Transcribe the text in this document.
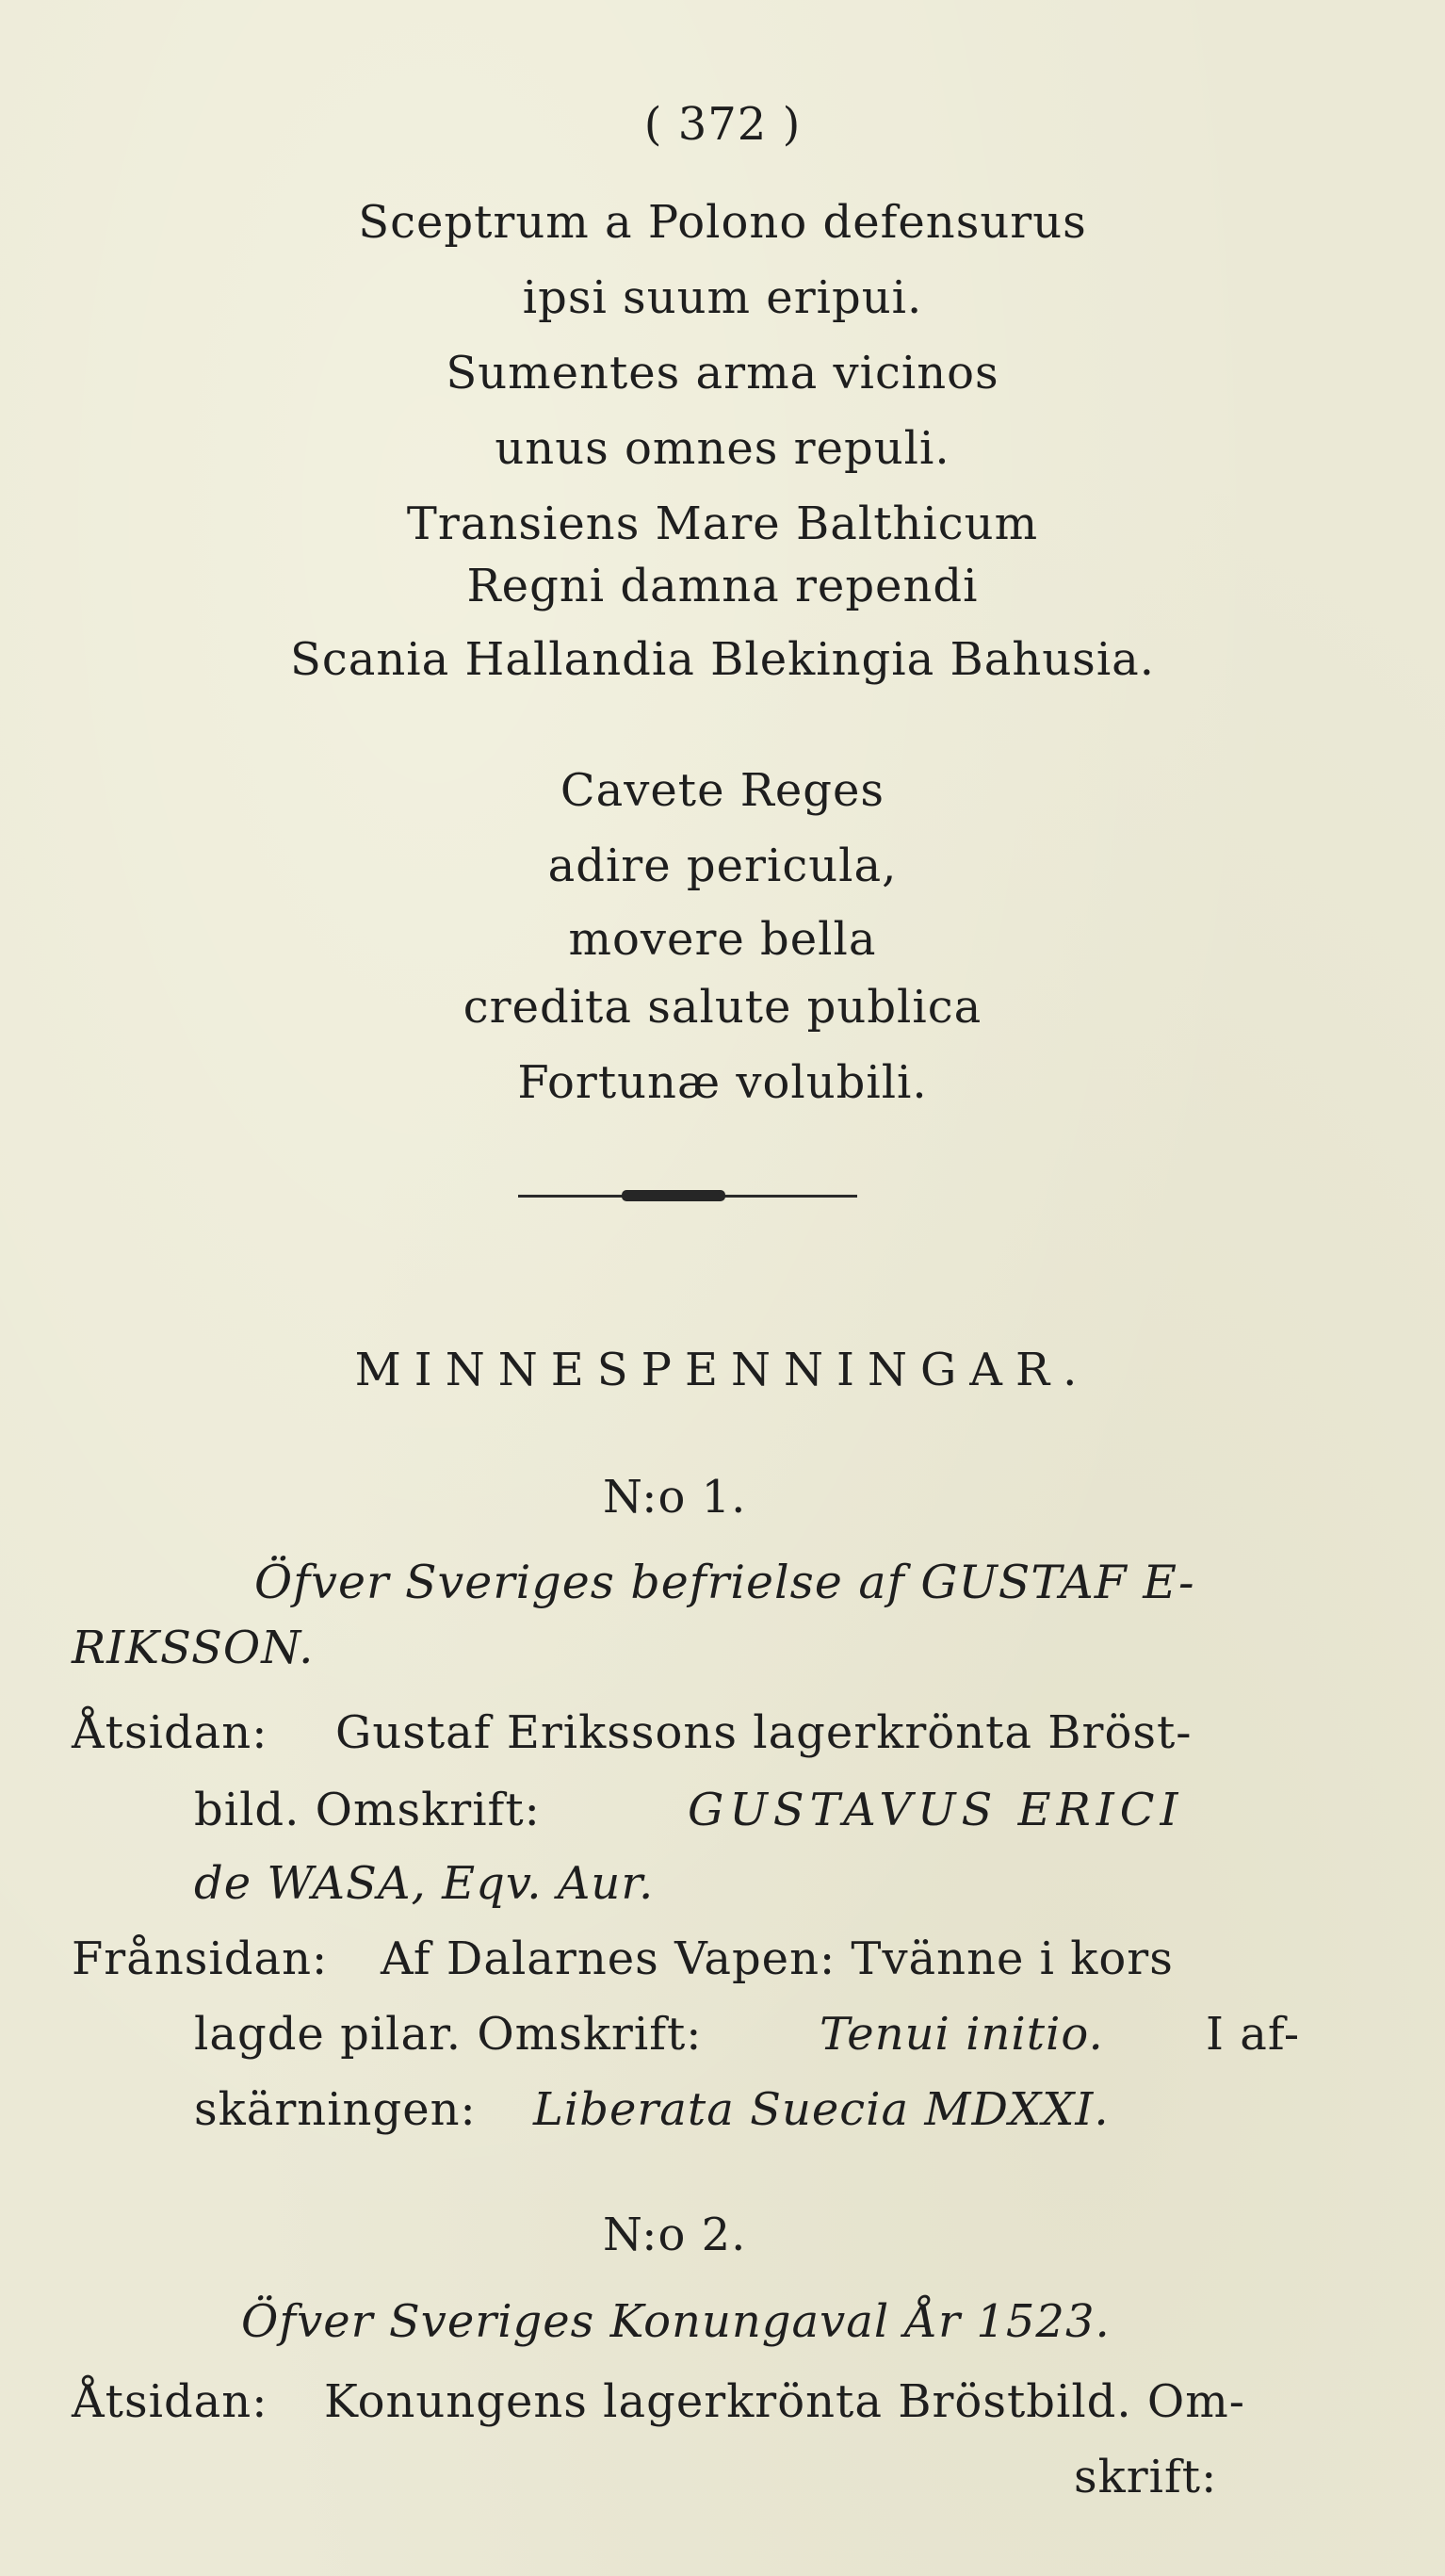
( 372 )
Sceptrum a Polono defensurus
ipsi suum eripui.
Sumentes arma vicinos
unus omnes repuli.
Transiens Mare Balthicum
Regni damna rependi
Scania Hallandia Blekingia Bahusia.
Cavete Reges
adire pericula,
movere bella
credita salute publica
Fortunæ volubili.
MINNESPENNINGAR.
N:o 1.
Öfver Sveriges befrielse af GUSTAF E-
RIKSSON.
Åtsidan: Gustaf Erikssons lagerkrönta Bröst-
bild. Omskrift:	GUSTAVUS ERICI
de WASA, Eqv. Aur.
Frånsidan: Af Dalarnes Vapen: Tvänne i kors
lagde pilar. Omskrift:	Tenui initio. I af-
skärningen: Liberata Suecia MDXXI.
N:o 2.
Öfver Sveriges Konungaval År 1523.
Åtsidan: Konungens lagerkrönta Bröstbild. Om-
skrift:
